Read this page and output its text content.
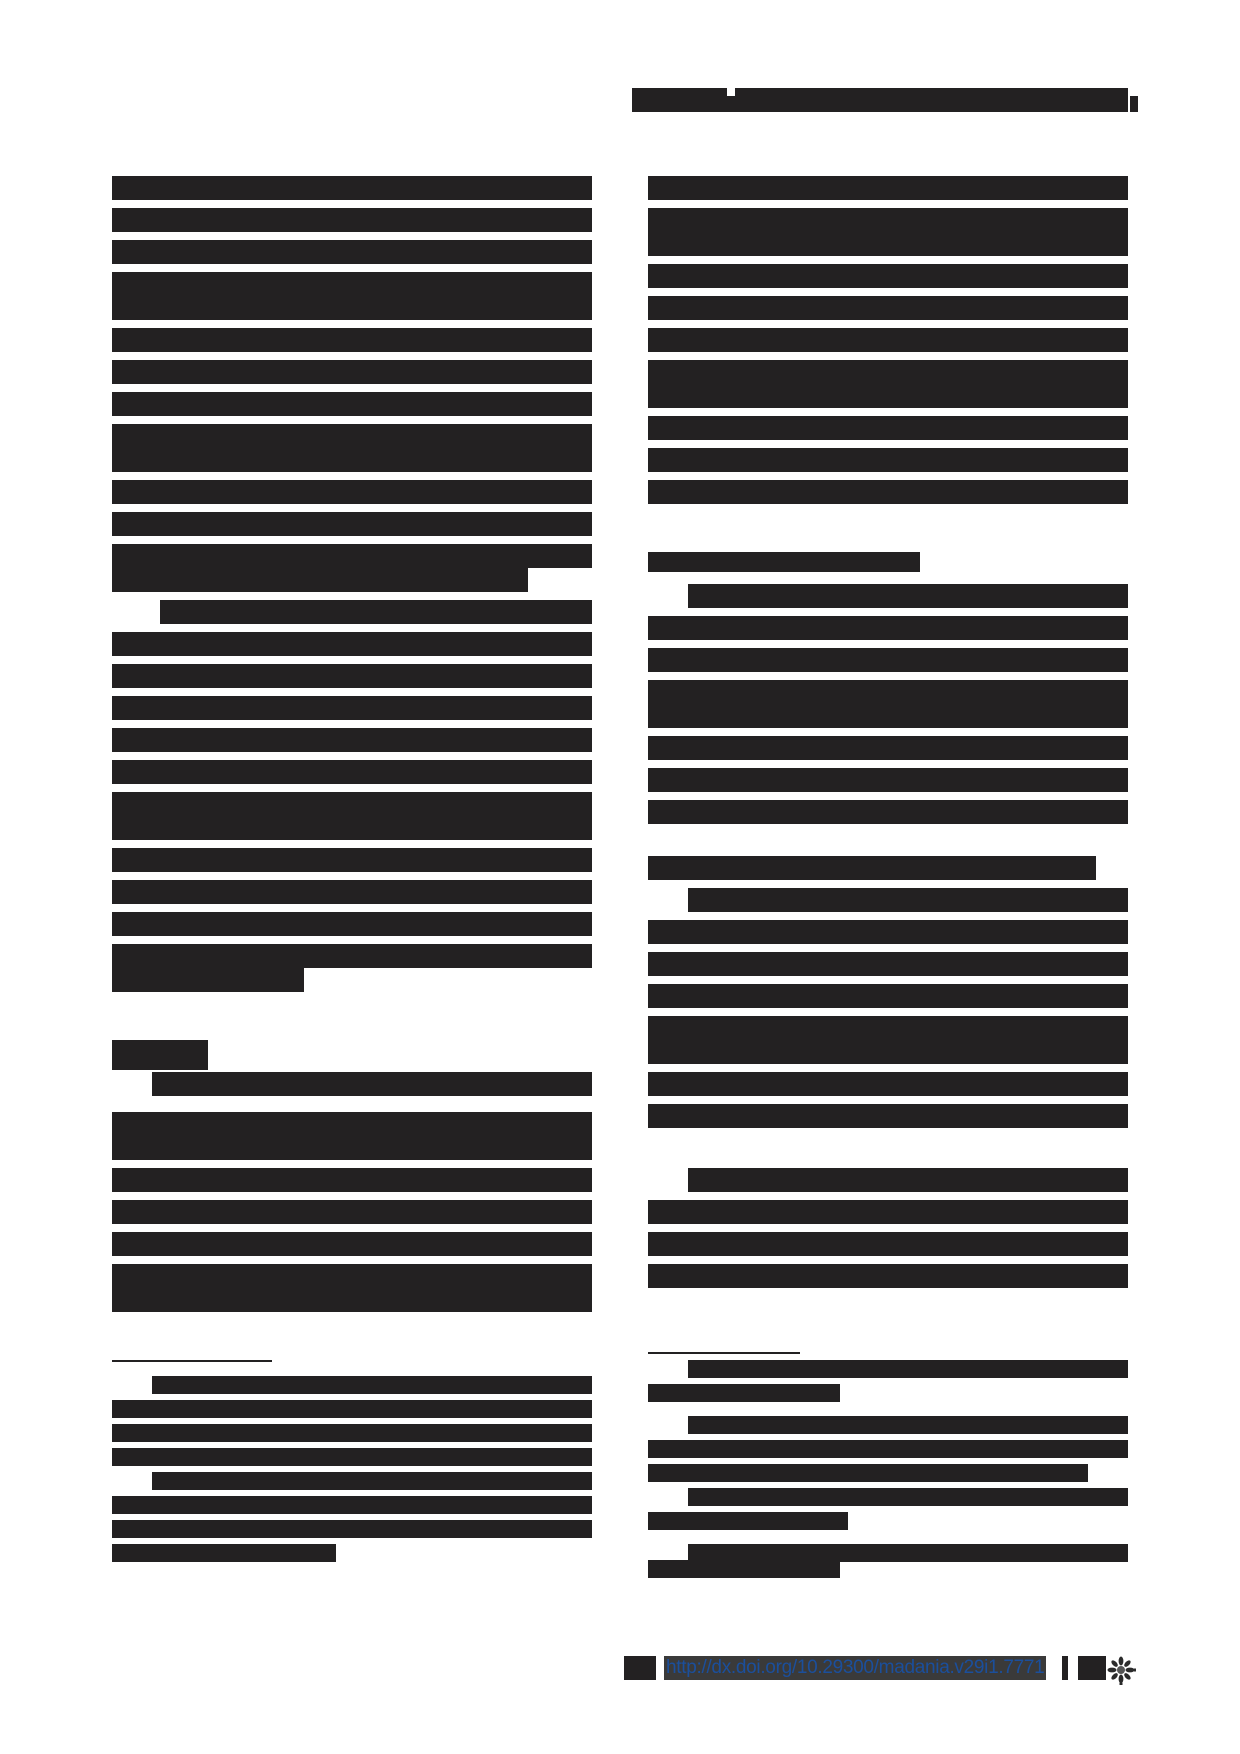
http://dx.doi.org/10.29300/madania.v29i1.7771
